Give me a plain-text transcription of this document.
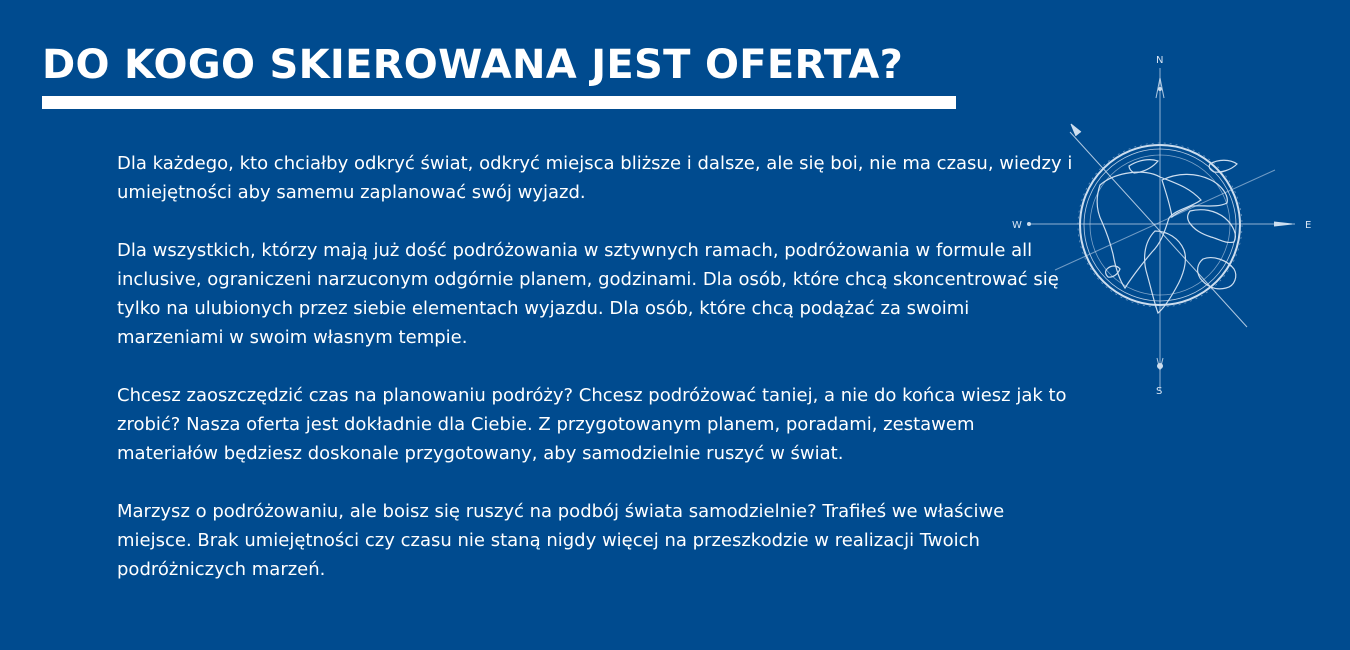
DO KOGO SKIEROWANA JEST OFERTA?

Dla każdego, kto chciałby odkryć świat, odkryć miejsca bliższe i dalsze, ale się boi, nie ma czasu, wiedzy i umiejętności aby samemu zaplanować swój wyjazd.

Dla wszystkich, którzy mają już dość podróżowania w sztywnych ramach, podróżowania w formule all inclusive, ograniczeni narzuconym odgórnie planem, godzinami. Dla osób, które chcą skoncentrować się tylko na ulubionych przez siebie elementach wyjazdu. Dla osób, które chcą podążać za swoimi marzeniami w swoim własnym tempie.

Chcesz zaoszczędzić czas na planowaniu podróży? Chcesz podróżować taniej, a nie do końca wiesz jak to zrobić? Nasza oferta jest dokładnie dla Ciebie. Z przygotowanym planem, poradami, zestawem materiałów będziesz doskonale przygotowany, aby samodzielnie ruszyć w świat.

Marzysz o podróżowaniu, ale boisz się ruszyć na podbój świata samodzielnie? Trafiłeś we właściwe miejsce. Brak umiejętności czy czasu nie staną nigdy więcej na przeszkodzie w realizacji Twoich podróżniczych marzeń.

N
S
E
W
